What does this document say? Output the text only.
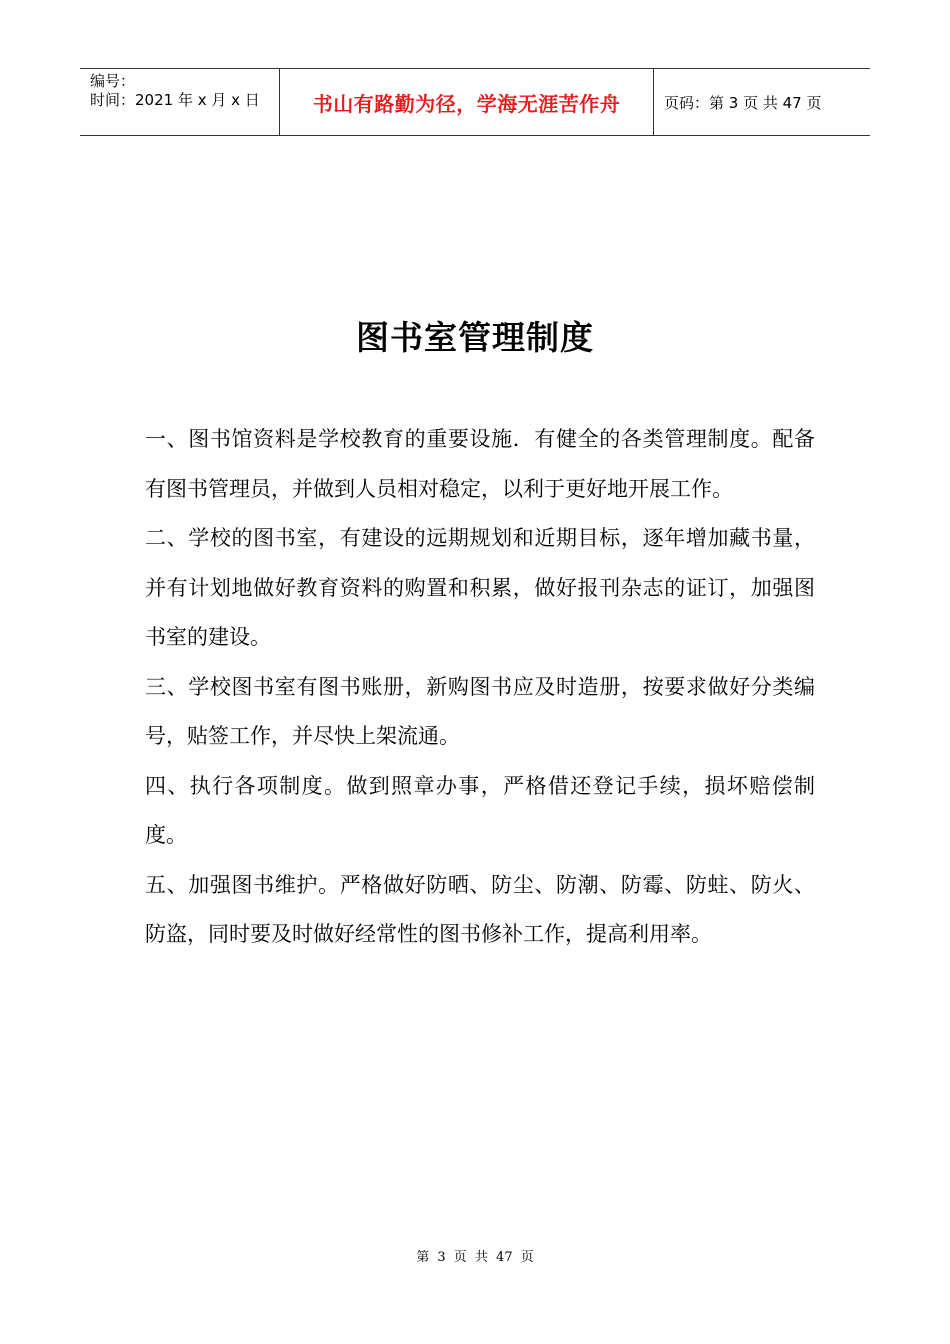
编号：
时间：2021 年 x 月 x 日	书山有路勤为径，学海无涯苦作舟	页码：第 3 页 共 47 页
图书室管理制度

一、图书馆资料是学校教育的重要设施．有健全的各类管理制度。配备有图书管理员，并做到人员相对稳定，以利于更好地开展工作。

二、学校的图书室，有建设的远期规划和近期目标，逐年增加藏书量，并有计划地做好教育资料的购置和积累，做好报刊杂志的证订，加强图书室的建设。

三、学校图书室有图书账册，新购图书应及时造册，按要求做好分类编号，贴签工作，并尽快上架流通。

四、执行各项制度。做到照章办事，严格借还登记手续，损坏赔偿制度。

五、加强图书维护。严格做好防晒、防尘、防潮、防霉、防蛀、防火、防盗，同时要及时做好经常性的图书修补工作，提高利用率。

第 3 页 共 47 页
